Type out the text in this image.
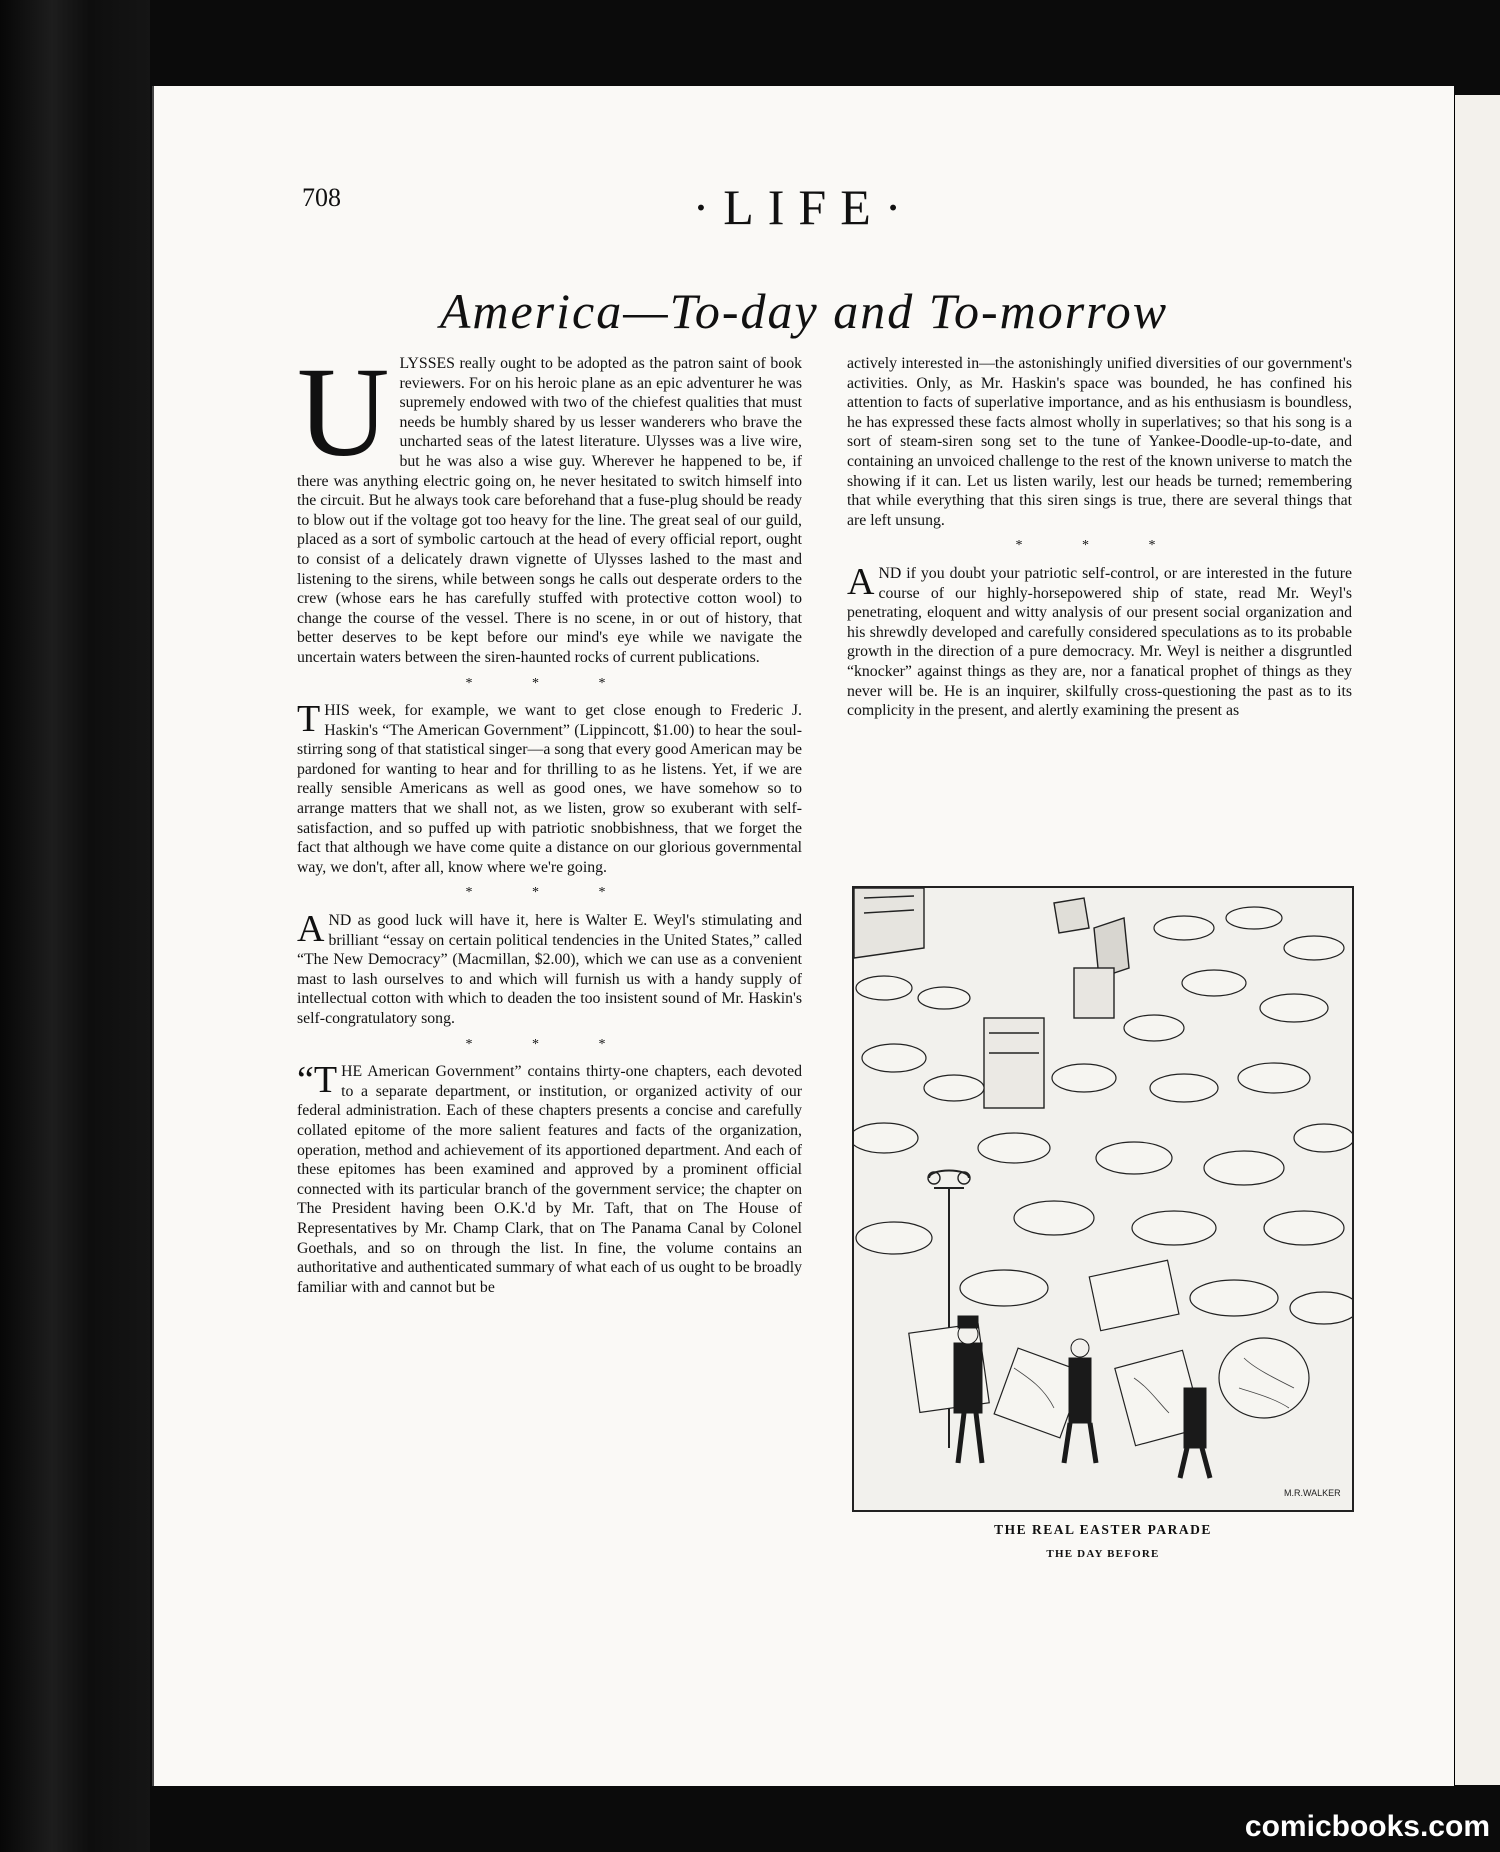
708	·LIFE·
America—To-day and To-morrow

ULYSSES really ought to be adopted as the patron saint of book reviewers. For on his heroic plane as an epic adventurer he was supremely endowed with two of the chiefest qualities that must needs be humbly shared by us lesser wanderers who brave the uncharted seas of the latest literature. Ulysses was a live wire, but he was also a wise guy. Wherever he happened to be, if there was anything electric going on, he never hesitated to switch himself into the circuit. But he always took care beforehand that a fuse-plug should be ready to blow out if the voltage got too heavy for the line. The great seal of our guild, placed as a sort of symbolic cartouch at the head of every official report, ought to consist of a delicately drawn vignette of Ulysses lashed to the mast and listening to the sirens, while between songs he calls out desperate orders to the crew (whose ears he has carefully stuffed with protective cotton wool) to change the course of the vessel. There is no scene, in or out of history, that better deserves to be kept before our mind's eye while we navigate the uncertain waters between the siren-haunted rocks of current publications.

* * *

THIS week, for example, we want to get close enough to Frederic J. Haskin's “The American Government” (Lippincott, $1.00) to hear the soul-stirring song of that statistical singer—a song that every good American may be pardoned for wanting to hear and for thrilling to as he listens. Yet, if we are really sensible Americans as well as good ones, we have somehow so to arrange matters that we shall not, as we listen, grow so exuberant with self-satisfaction, and so puffed up with patriotic snobbishness, that we forget the fact that although we have come quite a distance on our glorious governmental way, we don't, after all, know where we're going.

* * *

AND as good luck will have it, here is Walter E. Weyl's stimulating and brilliant “essay on certain political tendencies in the United States,” called “The New Democracy” (Macmillan, $2.00), which we can use as a convenient mast to lash ourselves to and which will furnish us with a handy supply of intellectual cotton with which to deaden the too insistent sound of Mr. Haskin's self-congratulatory song.

* * *

“THE American Government” contains thirty-one chapters, each devoted to a separate department, or institution, or organized activity of our federal administration. Each of these chapters presents a concise and carefully collated epitome of the more salient features and facts of the organization, operation, method and achievement of its apportioned department. And each of these epitomes has been examined and approved by a prominent official connected with its particular branch of the government service; the chapter on The President having been O.K.'d by Mr. Taft, that on The House of Representatives by Mr. Champ Clark, that on The Panama Canal by Colonel Goethals, and so on through the list. In fine, the volume contains an authoritative and authenticated summary of what each of us ought to be broadly familiar with and cannot but be

actively interested in—the astonishingly unified diversities of our government's activities. Only, as Mr. Haskin's space was bounded, he has confined his attention to facts of superlative importance, and as his enthusiasm is boundless, he has expressed these facts almost wholly in superlatives; so that his song is a sort of steam-siren song set to the tune of Yankee-Doodle-up-to-date, and containing an unvoiced challenge to the rest of the known universe to match the showing if it can. Let us listen warily, lest our heads be turned; remembering that while everything that this siren sings is true, there are several things that are left unsung.

* * *

AND if you doubt your patriotic self-control, or are interested in the future course of our highly-horsepowered ship of state, read Mr. Weyl's penetrating, eloquent and witty analysis of our present social organization and his shrewdly developed and carefully considered speculations as to its probable growth in the direction of a pure democracy. Mr. Weyl is neither a disgruntled “knocker” against things as they are, nor a fanatical prophet of things as they never will be. He is an inquirer, skilfully cross-questioning the past as to its complicity in the present, and alertly examining the present as

M.R.WALKER
THE REAL EASTER PARADE
THE DAY BEFORE
comicbooks.com
